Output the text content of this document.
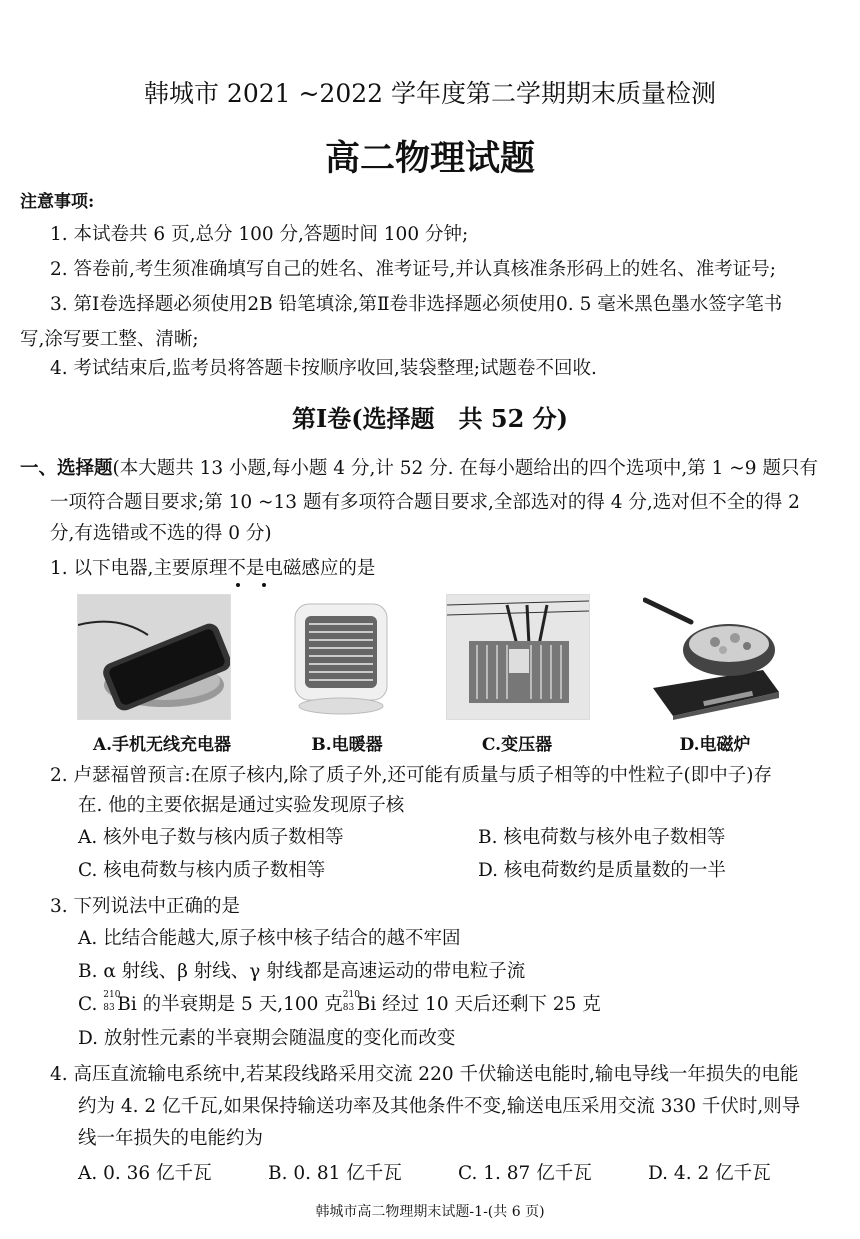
韩城市 2021 ~2022 学年度第二学期期末质量检测
高二物理试题
注意事项:
1. 本试卷共 6 页,总分 100 分,答题时间 100 分钟;
2. 答卷前,考生须准确填写自己的姓名、准考证号,并认真核准条形码上的姓名、准考证号;
3. 第Ⅰ卷选择题必须使用2B 铅笔填涂,第Ⅱ卷非选择题必须使用0. 5 毫米黑色墨水签字笔书
写,涂写要工整、清晰;
4. 考试结束后,监考员将答题卡按顺序收回,装袋整理;试题卷不回收.
第Ⅰ卷(选择题　共 52 分)
一、选择题(本大题共 13 小题,每小题 4 分,计 52 分. 在每小题给出的四个选项中,第 1 ~9 题只有
一项符合题目要求;第 10 ~13 题有多项符合题目要求,全部选对的得 4 分,选对但不全的得 2
分,有选错或不选的得 0 分)
1. 以下电器,主要原理不是电磁感应的是
A.手机无线充电器	B.电暖器	C.变压器	D.电磁炉
2. 卢瑟福曾预言:在原子核内,除了质子外,还可能有质量与质子相等的中性粒子(即中子)存
在. 他的主要依据是通过实验发现原子核
A. 核外电子数与核内质子数相等	B. 核电荷数与核外电子数相等
C. 核电荷数与核内质子数相等	D. 核电荷数约是质量数的一半
3. 下列说法中正确的是
A. 比结合能越大,原子核中核子结合的越不牢固
B. α 射线、β 射线、γ 射线都是高速运动的带电粒子流
C. $^{210 83}$ Bi 的半衰期是 5 天,100 克 $^{210 83}$ Bi 经过 10 天后还剩下 25 克
D. 放射性元素的半衰期会随温度的变化而改变
4. 高压直流输电系统中,若某段线路采用交流 220 千伏输送电能时,输电导线一年损失的电能
约为 4. 2 亿千瓦,如果保持输送功率及其他条件不变,输送电压采用交流 330 千伏时,则导
线一年损失的电能约为
A. 0. 36 亿千瓦	B. 0. 81 亿千瓦	C. 1. 87 亿千瓦	D. 4. 2 亿千瓦
韩城市高二物理期末试题-1-(共 6 页)
